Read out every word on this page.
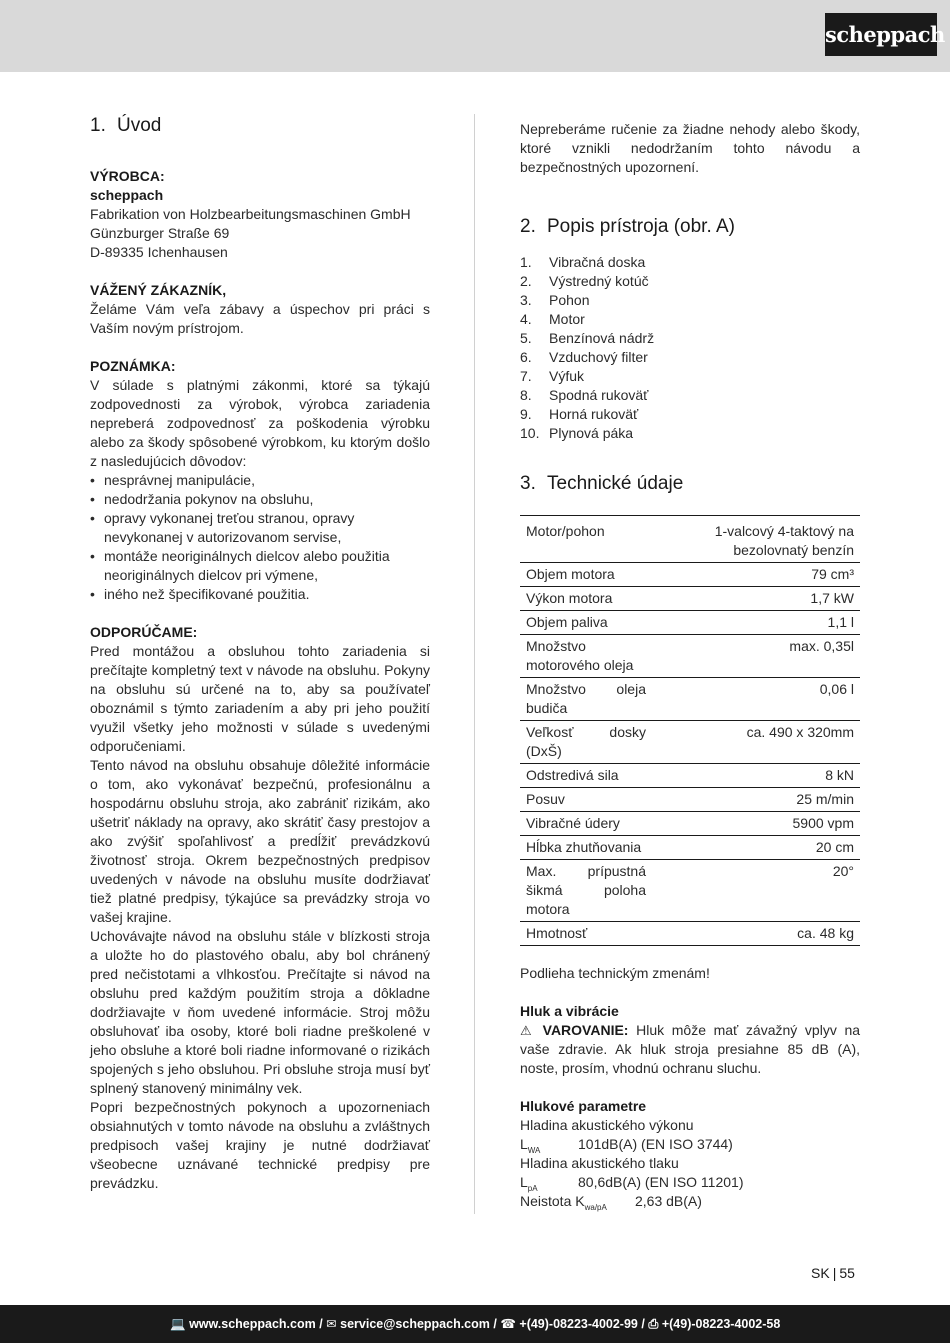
scheppach
1. Úvod
VÝROBCA:
scheppach
Fabrikation von Holzbearbeitungsmaschinen GmbH
Günzburger Straße 69
D-89335 Ichenhausen
VÁŽENÝ ZÁKAZNÍK,
Želáme Vám veľa zábavy a úspechov pri práci s Vaším novým prístrojom.
POZNÁMKA:
V súlade s platnými zákonmi, ktoré sa týkajú zodpovednosti za výrobok, výrobca zariadenia nepreberá zodpovednosť za poškodenia výrobku alebo za škody spôsobené výrobkom, ku ktorým došlo z nasledujúcich dôvodov:
• nesprávnej manipulácie,
• nedodržania pokynov na obsluhu,
• opravy vykonanej treťou stranou, opravy nevykonanej v autorizovanom servise,
• montáže neoriginálnych dielcov alebo použitia neoriginálnych dielcov pri výmene,
• iného než špecifikované použitia.
ODPORÚČAME:
Pred montážou a obsluhou tohto zariadenia si prečítajte kompletný text v návode na obsluhu. Pokyny na obsluhu sú určené na to, aby sa používateľ oboznámil s týmto zariadením a aby pri jeho použití využil všetky jeho možnosti v súlade s uvedenými odporučeniami.
Tento návod na obsluhu obsahuje dôležité informácie o tom, ako vykonávať bezpečnú, profesionálnu a hospodárnu obsluhu stroja, ako zabrániť rizikám, ako ušetriť náklady na opravy, ako skrátiť časy prestojov a ako zvýšiť spoľahlivosť a predĺžiť prevádzkovú životnosť stroja. Okrem bezpečnostných predpisov uvedených v návode na obsluhu musíte dodržiavať tiež platné predpisy, týkajúce sa prevádzky stroja vo vašej krajine.
Uchovávajte návod na obsluhu stále v blízkosti stroja a uložte ho do plastového obalu, aby bol chránený pred nečistotami a vlhkosťou. Prečítajte si návod na obsluhu pred každým použitím stroja a dôkladne dodržiavajte v ňom uvedené informácie. Stroj môžu obsluhovať iba osoby, ktoré boli riadne preškolené v jeho obsluhe a ktoré boli riadne informované o rizikách spojených s jeho obsluhou. Pri obsluhe stroja musí byť splnený stanovený minimálny vek.
Popri bezpečnostných pokynoch a upozorneniach obsiahnutých v tomto návode na obsluhu a zvláštnych predpisoch vašej krajiny je nutné dodržiavať všeobecne uznávané technické predpisy pre prevádzku.
Nepreberáme ručenie za žiadne nehody alebo škody, ktoré vznikli nedodržaním tohto návodu a bezpečnostných upozornení.
2. Popis prístroja (obr. A)
1.	Vibračná doska
2.	Výstredný kotúč
3.	Pohon
4.	Motor
5.	Benzínová nádrž
6.	Vzduchový filter
7.	Výfuk
8.	Spodná rukoväť
9.	Horná rukoväť
10. Plynová páka
3. Technické údaje
Motor/pohon	1-valcový 4-taktový na bezolovnatý benzín
Objem motora	79 cm³
Výkon motora	1,7 kW
Objem paliva	1,1 l
Množstvo motorového oleja	max. 0,35l
Množstvo oleja budiča	0,06 l
Veľkosť dosky (DxŠ)	ca. 490 x 320mm
Odstredivá sila	8 kN
Posuv	25 m/min
Vibračné údery	5900 vpm
Hĺbka zhutňovania	20 cm
Max. prípustná šikmá poloha motora	20°
Hmotnosť	ca. 48 kg
Podlieha technickým zmenám!
Hluk a vibrácie
⚠ VAROVANIE: Hluk môže mať závažný vplyv na vaše zdravie. Ak hluk stroja presiahne 85 dB (A), noste, prosím, vhodnú ochranu sluchu.
Hlukové parametre
Hladina akustického výkonu
$L_{WA}$	101dB(A) (EN ISO 3744)
Hladina akustického tlaku
$L_{pA}$	80,6dB(A) (EN ISO 11201)
Neistota $K_{wa/pA}$	2,63 dB(A)
SK | 55
💻 www.scheppach.com / ✉ service@scheppach.com / ☎ +(49)-08223-4002-99 / ⎙ +(49)-08223-4002-58
